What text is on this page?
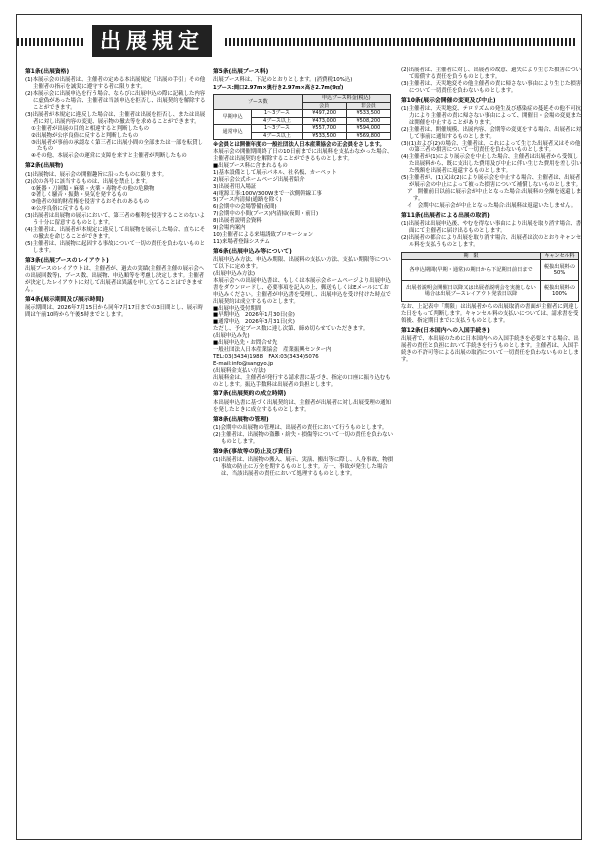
出展規定
第1条(出展資格)

(1)本展示会の出展者は、主催者の定める本出展規定「出展の手引」その他主催者の指示を誠実に遵守する者に限ります。

(2)本展示会に出展申込を行う場合、ならびに出展申込の際に記載した内容に虚偽があった場合、主催者は当該申込を拒否し、出展契約を解除することができます。

(3)出展者が本規定に違反した場合は、主催者は出展を拒否し、または出展者に対し出展内容の変更、展示物の撤去等を求めることができます。

①主催者が出展の目的と相違すると判断したもの

②出展物が公序良俗に反すると判断したもの

③出展者が事前の承認なく第三者に出展小間の全部または一部を転貸したもの

④その他、本展示会の運営に支障を来すと主催者が判断したもの

第2条(出展物)

(1)出展物は、展示会の開催趣旨に沿ったものに限ります。

(2)次の各号に該当するものは、出展を禁止します。

①銃器・刀剣類・麻薬・火薬・毒物その他の危険物

②著しく騒音・振動・臭気を発するもの

③他者の知的財産権を侵害するおそれのあるもの

④公序良俗に反するもの

(3)出展者は出展物の展示において、第三者の権利を侵害することのないよう十分に留意するものとします。

(4)主催者は、出展者が本規定に違反して出展物を展示した場合、直ちにその撤去を命じることができます。

(5)主催者は、出展物に起因する事故について一切の責任を負わないものとします。

第3条(出展ブースのレイアウト)

出展ブースのレイアウトは、主催者が、過去の実績(主催者主催の展示会への出展回数等)、ブース数、出展物、申込順等を考慮し決定します。主催者が決定したレイアウトに対して出展者は異議を申し立てることはできません。

第4条(展示期間及び展示時間)

展示期間は、2026年7月15日から同年7月17日までの3日間とし、展示時間は午前10時から午後5時までとします。

第5条(出展ブース料)

出展ブース料は、下記のとおりとします。(消費税10%込)

1ブース:間口2.97m×奥行き2.97m×高さ2.7m(9㎡)
ブース数		申込ブース料金(税込)	
		会員	非会員
早期申込	1～3ブース	¥497,200	¥533,500
	4ブース以上	¥473,000	¥508,200
通常申込	1～3ブース	¥557,700	¥594,000
	4ブース以上	¥533,500	¥569,800

※会員とは開催年度の一般社団法人日本産業協会の正会員をさします。

本展示会の開催期間終了日の10日前までに出展料を支払わなかった場合、主催者は出展契約を解除することができるものとします。

■出展ブース料に含まれるもの

1)基本設備として展示パネル、社名板、カーペット

2)展示会公式ホームページ出展者紹介

3)出展者用入場証

4)電源工事:100V/300Wまで一次側幹線工事

5)ブース内清掃(通路を除く)

6)会期中の会場警備(夜間)

7)会期中の小間(ブース)内清掃(夜間・前日)

8)出展者説明会資料

9)会場内案内

10)主催者による来場誘致プロモーション

11)来場者登録システム

第6条(出展申込み等について)

出展申込み方法、申込み期限、出展料の支払い方法、支払い期限等について以下に定めます。

(出展申込み方法)

本展示会への出展申込書は、もしくは本展示会ホームページより出展申込書をダウンロードし、必要事項を記入の上、郵送もしくはEメールにてお申込みください。主催者が申込書を受理し、出展申込を受け付けた時点で出展契約は成立するものとします。

■出展申込受付期間

■早期申込　2026年1月30日(金)

■通常申込　2026年3月31日(火)

ただし、予定ブース数に達し次第、締め切らせていただきます。

(出展申込み先)

■出展申込先・お問合せ先

一般社団法人日本産業協会　産業振興センター内

TEL:03(3434)1988　FAX:03(3434)5076

E-mail:info@sangyo.jp

(出展料金支払い方法)

出展料金は、主催者が発行する請求書に基づき、指定の口座に振り込むものとします。振込手数料は出展者の負担とします。

第7条(出展契約の成立時期)

本出展申込書に基づく出展契約は、主催者が出展者に対し出展受理の通知を発したときに成立するものとします。

第8条(出展物の管理)

(1)会期中の出展物の管理は、出展者の責任において行うものとします。

(2)主催者は、出展物の盗難・紛失・損傷等について一切の責任を負わないものとします。

第9条(事故等の防止及び責任)

(1)出展者は、出展物の搬入、展示、実演、搬出等に際し、人身事故、物損事故の防止に万全を期するものとします。万一、事故が発生した場合は、当該出展者の責任において処理するものとします。

(2)出展者は、主催者に対し、出展者の故意、過失により生じた損害について賠償する責任を負うものとします。

(3)主催者は、天災地変その他主催者の責に帰さない事由により生じた損害について一切責任を負わないものとします。

第10条(展示会開催の変更及び中止)

(1)主催者は、天災地変、テロリズムの発生及び感染症の蔓延その他不可抗力により主催者の責に帰さない事由によって、開催日・会場の変更または開催を中止することがあります。

(2)主催者は、開催規模、出展内容、会期等の変更をする場合、出展者に対して事前に通知するものとします。

(3)(1)および(2)の場合、主催者は、これによって生じた出展者又はその他の第三者の損害について一切責任を負わないものとします。

(4)主催者が(1)により展示会を中止した場合、主催者は出展者から受領した出展料から、既に支出した費用及び中止に伴い生じた費用を差し引いた残額を出展者に返還するものとします。

(5)主催者が、(1)又は(2)により展示会を中止する場合、主催者は、出展者が展示会の中止によって被った損害について補償しないものとします。

ア　開催前日以前に展示会が中止となった場合:出展料の全額を返還します。

イ　会期中に展示会が中止となった場合:出展料は返還いたしません。

第11条(出展者による出展の取消)

(1)出展者は出展申込後、やむを得ない事由により出展を取り消す場合、書面にて主催者に届け出るものとします。

(2)出展者の都合により出展を取り消す場合、出展者は次のとおりキャンセル料を支払うものとします。

期　限	キャンセル料
各申込期間(早期・通常)の期日から下記期日前日まで	税抜出展料の50%
出展者説明会開催日以降又は出展者説明会を実施しない場合は出展ブースレイアウト発表日以降	税抜出展料の100%

なお、上記表中「期限」は出展者からの出展取消の書面が主催者に到達した日をもって判断します。キャンセル料の支払いについては、請求書を受領後、指定期日までに支払うものとします。

第12条(日本国内への入国手続き)

出展者で、本出展のために日本国内への入国手続きを必要とする場合、出展者の責任と負担において手続きを行うものとします。主催者は、入国手続きの不許可等による出展の取消について一切責任を負わないものとします。
